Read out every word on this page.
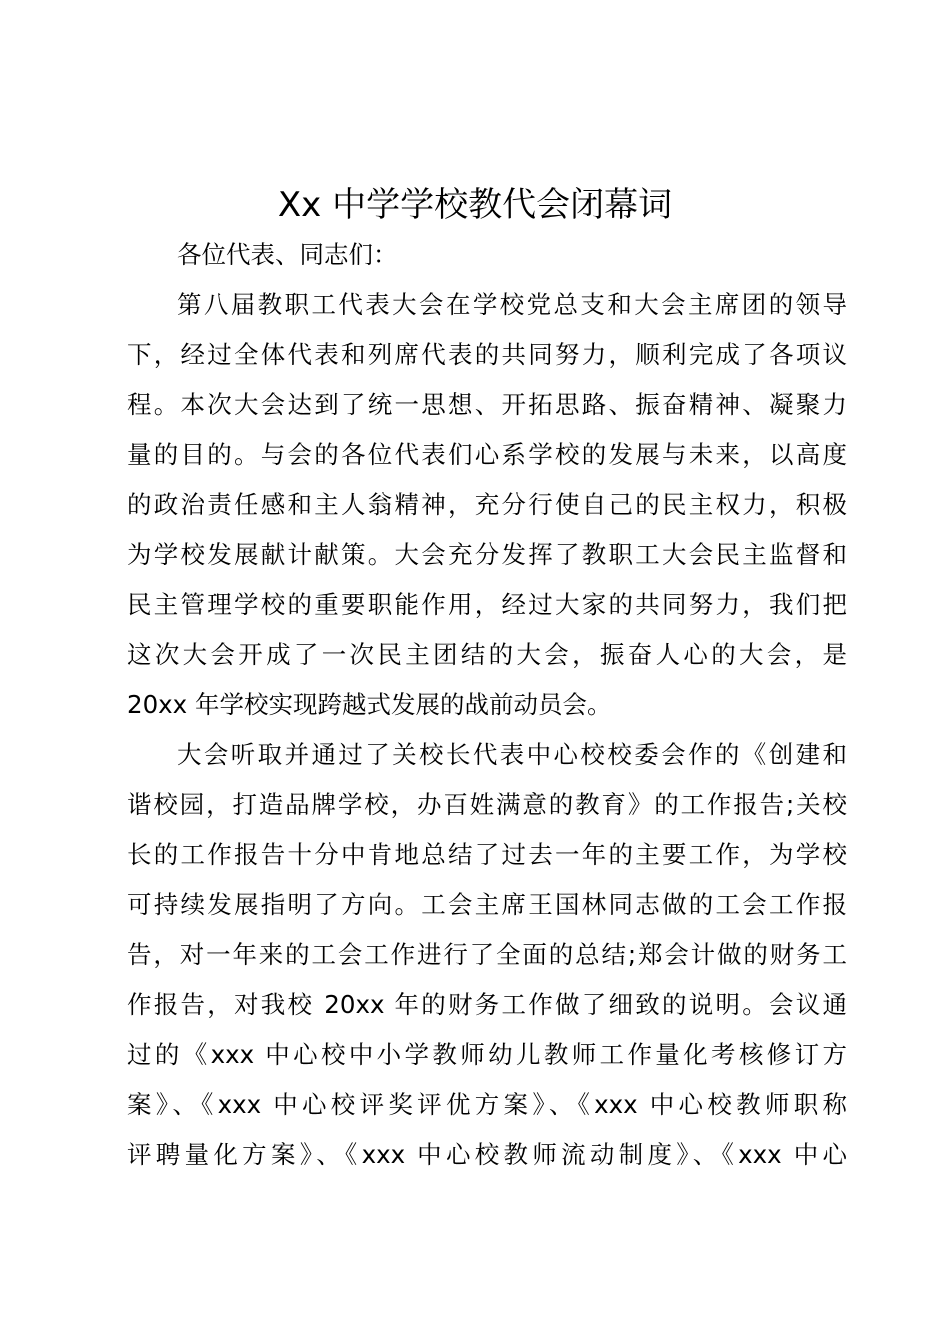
Xx 中学学校教代会闭幕词
各位代表、同志们：
第八届教职工代表大会在学校党总支和大会主席团的领导
下，经过全体代表和列席代表的共同努力，顺利完成了各项议
程。本次大会达到了统一思想、开拓思路、振奋精神、凝聚力
量的目的。与会的各位代表们心系学校的发展与未来，以高度
的政治责任感和主人翁精神，充分行使自己的民主权力，积极
为学校发展献计献策。大会充分发挥了教职工大会民主监督和
民主管理学校的重要职能作用，经过大家的共同努力，我们把
这次大会开成了一次民主团结的大会，振奋人心的大会，是
20xx 年学校实现跨越式发展的战前动员会。
大会听取并通过了关校长代表中心校校委会作的《创建和
谐校园，打造品牌学校，办百姓满意的教育》的工作报告;关校
长的工作报告十分中肯地总结了过去一年的主要工作，为学校
可持续发展指明了方向。工会主席王国林同志做的工会工作报
告，对一年来的工会工作进行了全面的总结;郑会计做的财务工
作报告，对我校 20xx 年的财务工作做了细致的说明。会议通
过的《xxx 中心校中小学教师幼儿教师工作量化考核修订方
案》、《xxx 中心校评奖评优方案》、《xxx 中心校教师职称
评聘量化方案》、《xxx 中心校教师流动制度》、《xxx 中心
